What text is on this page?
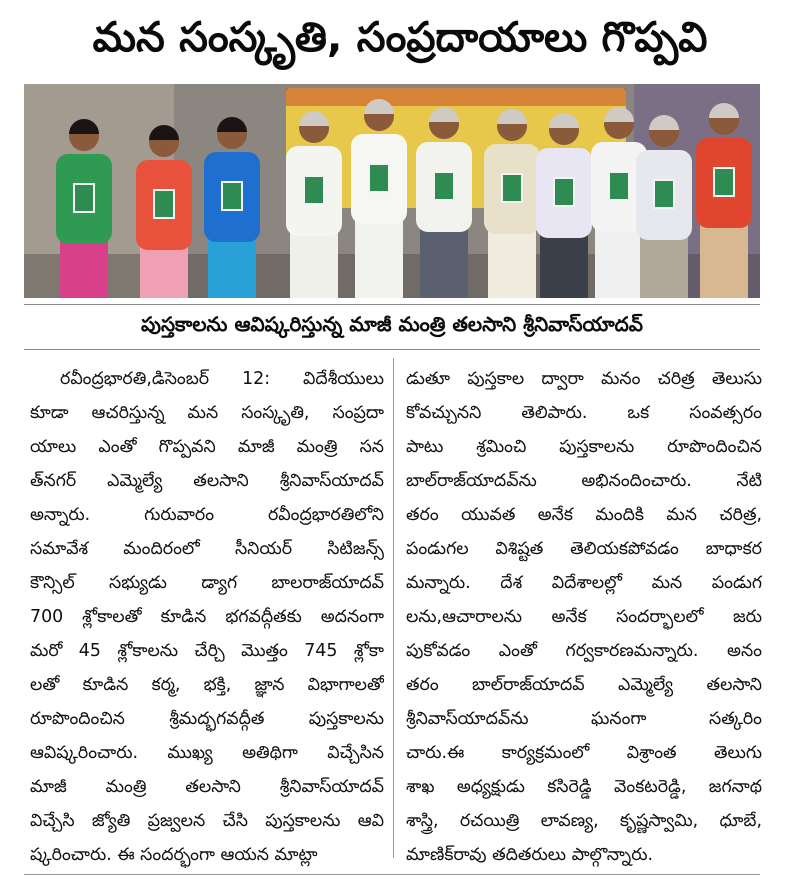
మన సంస్కృతి, సంప్రదాయాలు గొప్పవి
పుస్తకాలను ఆవిష్కరిస్తున్న మాజీ మంత్రి తలసాని శ్రీనివాస్‌యాదవ్
రవీంద్రభారతి,డిసెంబర్ 12: విదేశీయులు
కూడా ఆచరిస్తున్న మన సంస్కృతి, సంప్రదా
యాలు ఎంతో గొప్పవని మాజీ మంత్రి సన
త్‌నగర్ ఎమ్మెల్యే తలసాని శ్రీనివాస్‌యాదవ్
అన్నారు. గురువారం రవీంద్రభారతిలోని
సమావేశ మందిరంలో సీనియర్ సిటిజన్స్
కౌన్సిల్ సభ్యుడు డ్యాగ బాలరాజ్‌యాదవ్
700 శ్లోకాలతో కూడిన భగవద్గీతకు అదనంగా
మరో 45 శ్లోకాలను చేర్చి మొత్తం 745 శ్లోకా
లతో కూడిన కర్మ, భక్తి, జ్ఞాన విభాగాలతో
రూపొందించిన శ్రీమద్భగవద్గీత పుస్తకాలను
ఆవిష్కరించారు. ముఖ్య అతిథిగా విచ్చేసిన
మాజీ మంత్రి తలసాని శ్రీనివాస్‌యాదవ్
విచ్చేసి జ్యోతి ప్రజ్వలన చేసి పుస్తకాలను ఆవి
ష్కరించారు. ఈ సందర్భంగా ఆయన మాట్లా
డుతూ పుస్తకాల ద్వారా మనం చరిత్ర తెలుసు
కోవచ్చునని తెలిపారు. ఒక సంవత్సరం
పాటు శ్రమించి పుస్తకాలను రూపొందించిన
బాల్‌రాజ్‌యాదవ్‌ను అభినందించారు. నేటి
తరం యువత అనేక మందికి మన చరిత్ర,
పండుగల విశిష్టత తెలియకపోవడం బాధాకర
మన్నారు. దేశ విదేశాలల్లో మన పండుగ
లను,ఆచారాలను అనేక సందర్భాలలో జరు
పుకోవడం ఎంతో గర్వకారణమన్నారు. అనం
తరం బాల్‌రాజ్‌యాదవ్ ఎమ్మెల్యే తలసాని
శ్రీనివాస్‌యాదవ్‌ను ఘనంగా సత్కరిం
చారు.ఈ కార్యక్రమంలో విశ్రాంత తెలుగు
శాఖ అధ్యక్షుడు కసిరెడ్డి వెంకటరెడ్డి, జగనాథ
శాస్త్రి, రచయిత్రి లావణ్య, కృష్ణస్వామి, ధూబే,
మాణిక్‌రావు తదితరులు పాల్గొన్నారు.
